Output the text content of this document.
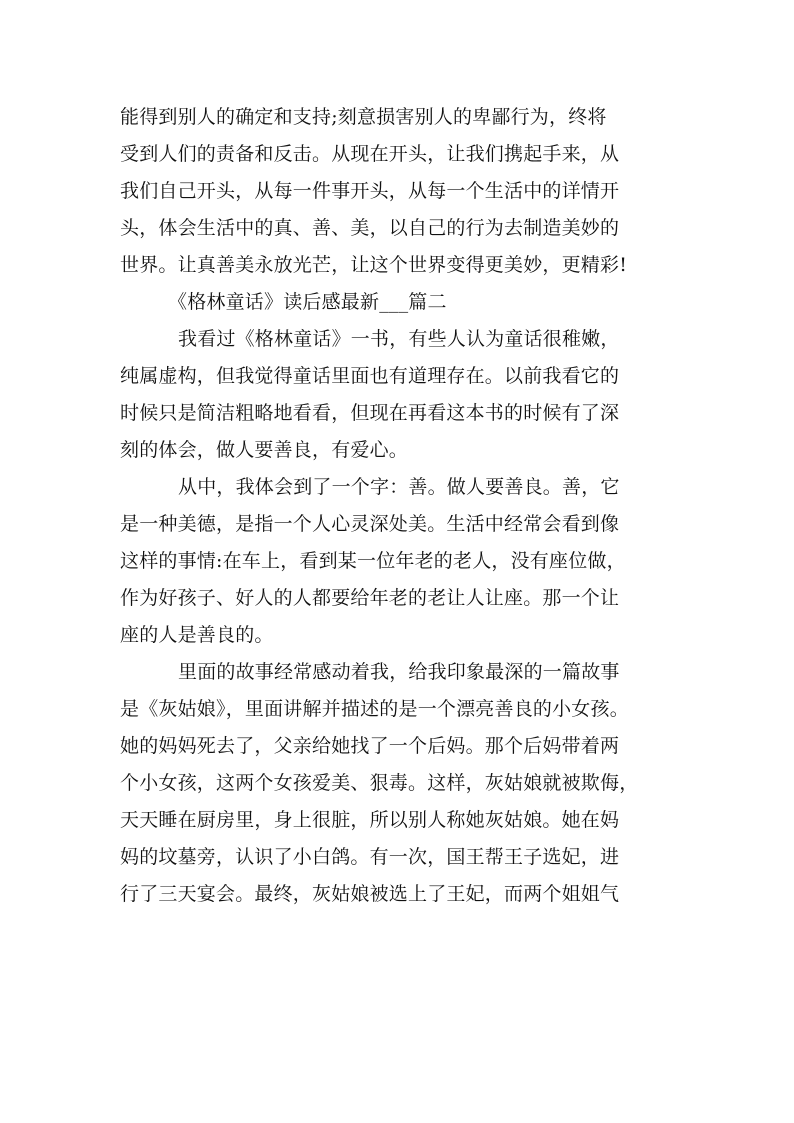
能得到别人的确定和支持;刻意损害别人的卑鄙行为，终将
受到人们的责备和反击。从现在开头，让我们携起手来，从
我们自己开头，从每一件事开头，从每一个生活中的详情开
头，体会生活中的真、善、美，以自己的行为去制造美妙的
世界。让真善美永放光芒，让这个世界变得更美妙，更精彩!
《格林童话》读后感最新___篇二
我看过《格林童话》一书，有些人认为童话很稚嫩，
纯属虚构，但我觉得童话里面也有道理存在。以前我看它的
时候只是简洁粗略地看看，但现在再看这本书的时候有了深
刻的体会，做人要善良，有爱心。
从中，我体会到了一个字：善。做人要善良。善，它
是一种美德，是指一个人心灵深处美。生活中经常会看到像
这样的事情:在车上，看到某一位年老的老人，没有座位做，
作为好孩子、好人的人都要给年老的老让人让座。那一个让
座的人是善良的。
里面的故事经常感动着我，给我印象最深的一篇故事
是《灰姑娘》，里面讲解并描述的是一个漂亮善良的小女孩。
她的妈妈死去了，父亲给她找了一个后妈。那个后妈带着两
个小女孩，这两个女孩爱美、狠毒。这样，灰姑娘就被欺侮，
天天睡在厨房里，身上很脏，所以别人称她灰姑娘。她在妈
妈的坟墓旁，认识了小白鸽。有一次，国王帮王子选妃，进
行了三天宴会。最终，灰姑娘被选上了王妃，而两个姐姐气
